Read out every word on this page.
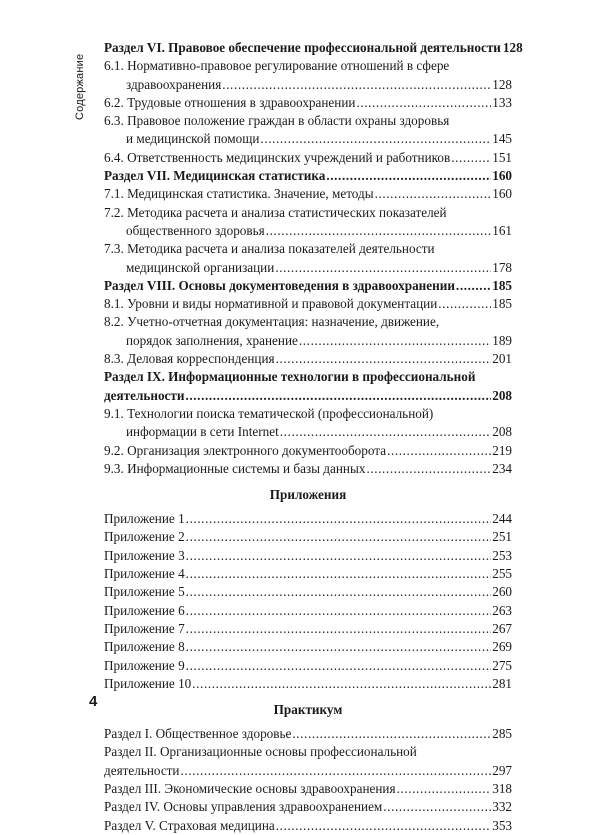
Содержание
Раздел VI. Правовое обеспечение профессиональной деятельности 128
6.1. Нормативно-правовое регулирование отношений в сфере
здравоохранения .....	128
6.2. Трудовые отношения в здравоохранении .....	133
6.3. Правовое положение граждан в области охраны здоровья
и медицинской помощи .....	145
6.4. Ответственность медицинских учреждений и работников .....	151
Раздел VII. Медицинская статистика .....	160
7.1. Медицинская статистика. Значение, методы .....	160
7.2. Методика расчета и анализа статистических показателей
общественного здоровья .....	161
7.3. Методика расчета и анализа показателей деятельности
медицинской организации .....	178
Раздел VIII. Основы документоведения в здравоохранении .....	185
8.1. Уровни и виды нормативной и правовой документации .....	185
8.2. Учетно-отчетная документация: назначение, движение,
порядок заполнения, хранение .....	189
8.3. Деловая корреспонденция .....	201
Раздел IX. Информационные технологии в профессиональной
деятельности .....	208
9.1. Технологии поиска тематической (профессиональной)
информации в сети Internet .....	208
9.2. Организация электронного документооборота .....	219
9.3. Информационные системы и базы данных .....	234
Приложения
Приложение 1 .....	244
Приложение 2 .....	251
Приложение 3 .....	253
Приложение 4 .....	255
Приложение 5 .....	260
Приложение 6 .....	263
Приложение 7 .....	267
Приложение 8 .....	269
Приложение 9 .....	275
Приложение 10 .....	281
Практикум
Раздел I. Общественное здоровье .....	285
Раздел II. Организационные основы профессиональной
деятельности .....	297
Раздел III. Экономические основы здравоохранения .....	318
Раздел IV. Основы управления здравоохранением .....	332
Раздел V. Страховая медицина .....	353
4
